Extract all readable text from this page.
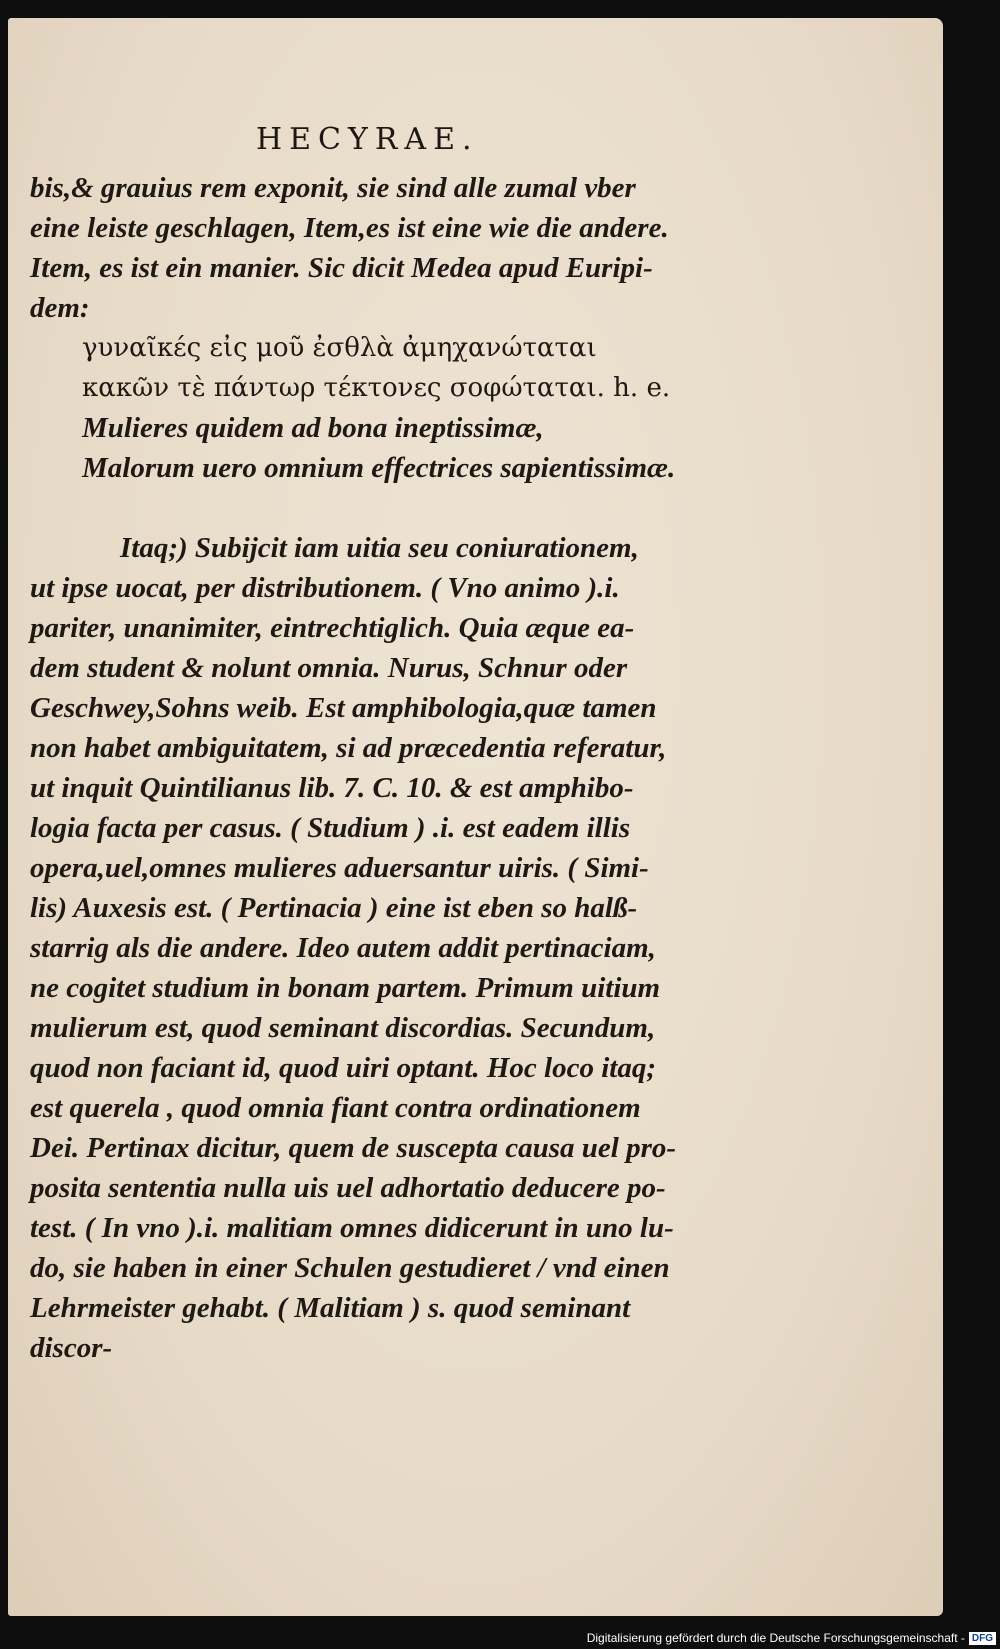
HECYRAE.
bis,& grauius rem exponit, sie sind alle zumal vber
eine leiste geschlagen, Item,es ist eine wie die andere.
Item, es ist ein manier. Sic dicit Medea apud Euripi-
dem:
γυναῖκές εἰς μοῦ ἐσθλὰ ἀμηχανώταται
κακῶν τὲ πάντωρ τέκτονες σοφώταται. h. e.
Mulieres quidem ad bona ineptissimæ,
Malorum uero omnium effectrices sapientissimæ.
Itaq;) Subijcit iam uitia seu coniurationem,
ut ipse uocat, per distributionem. ( Vno animo ).i.
pariter, unanimiter, eintrechtiglich. Quia æque ea-
dem student & nolunt omnia. Nurus, Schnur oder
Geschwey,Sohns weib. Est amphibologia,quæ tamen
non habet ambiguitatem, si ad præcedentia referatur,
ut inquit Quintilianus lib. 7. C. 10. & est amphibo-
logia facta per casus. ( Studium ) .i. est eadem illis
opera,uel,omnes mulieres aduersantur uiris. ( Simi-
lis) Auxesis est. ( Pertinacia ) eine ist eben so halß-
starrig als die andere. Ideo autem addit pertinaciam,
ne cogitet studium in bonam partem. Primum uitium
mulierum est, quod seminant discordias. Secundum,
quod non faciant id, quod uiri optant. Hoc loco itaq;
est querela , quod omnia fiant contra ordinationem
Dei. Pertinax dicitur, quem de suscepta causa uel pro-
posita sententia nulla uis uel adhortatio deducere po-
test. ( In vno ).i. malitiam omnes didicerunt in uno lu-
do, sie haben in einer Schulen gestudieret / vnd einen
Lehrmeister gehabt. ( Malitiam ) s. quod seminant
discor-
Digitalisierung gefördert durch die Deutsche Forschungsgemeinschaft - DFG
